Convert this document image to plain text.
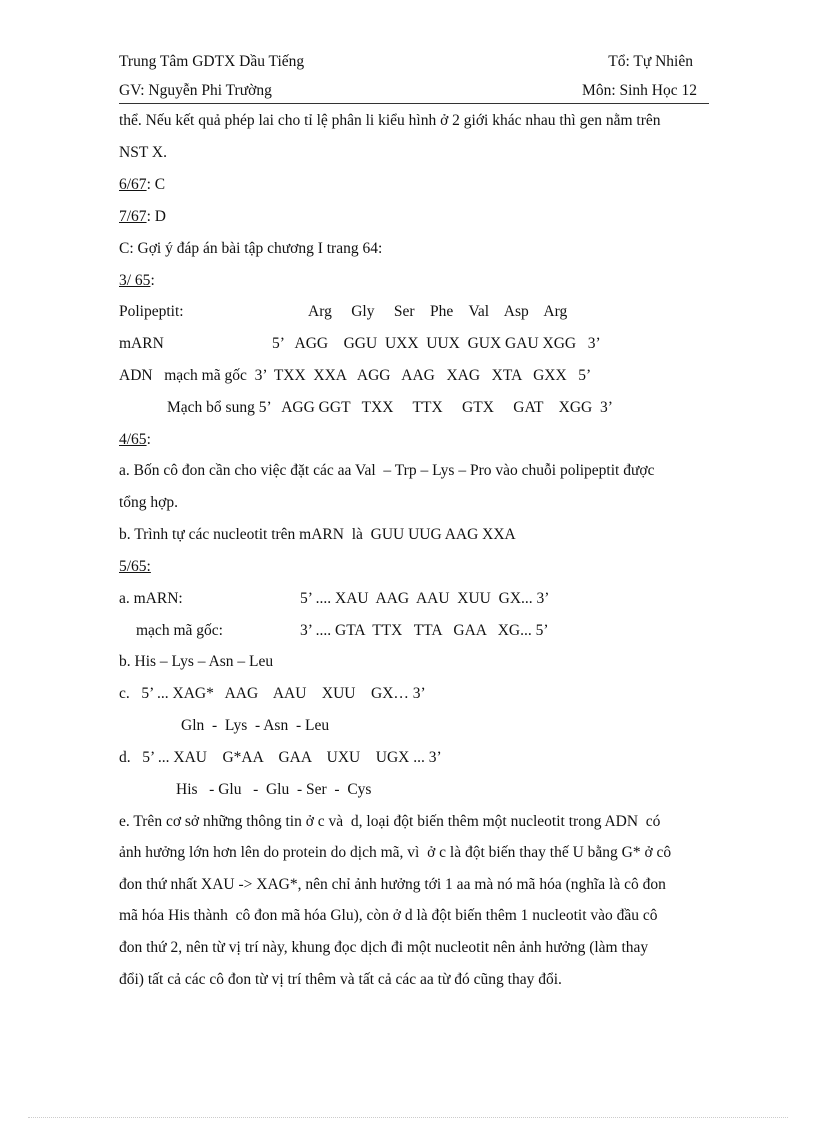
Trung Tâm GDTX Dầu Tiếng	Tổ: Tự Nhiên
GV: Nguyễn Phi Trường	Môn: Sinh Học 12
thể. Nếu kết quả phép lai cho tỉ lệ phân li kiểu hình ở 2 giới khác nhau thì gen nằm trên
NST X.
6/67: C
7/67: D
C: Gợi ý đáp án bài tập chương I trang 64:
3/ 65:
Polipeptit:	Arg     Gly     Ser    Phe    Val    Asp    Arg
mARN	5’   AGG    GGU  UXX  UUX  GUX GAU XGG   3’
ADN   mạch mã gốc  3’  TXX  XXA   AGG   AAG   XAG   XTA   GXX   5’
Mạch bổ sung 5’   AGG GGT   TXX     TTX     GTX     GAT    XGG  3’
4/65:
a. Bốn cô đon cần cho việc đặt các aa Val  – Trp – Lys – Pro vào chuỗi polipeptit được
tổng hợp.
b. Trình tự các nucleotit trên mARN  là  GUU UUG AAG XXA
5/65:
a. mARN:	5’ .... XAU  AAG  AAU  XUU  GX... 3’
mạch mã gốc:	3’ .... GTA  TTX   TTA   GAA   XG... 5’
b. His – Lys – Asn – Leu
c.   5’ ... XAG*   AAG    AAU    XUU    GX… 3’
Gln  -  Lys  - Asn  - Leu
d.   5’ ... XAU    G*AA    GAA    UXU    UGX ... 3’
His   - Glu   -  Glu  - Ser  -  Cys
e. Trên cơ sở những thông tin ở c và  d, loại đột biến thêm một nucleotit trong ADN  có
ảnh hưởng lớn hơn lên do protein do dịch mã, vì  ở c là đột biến thay thế U bằng G* ở cô
đon thứ nhất XAU -> XAG*, nên chỉ ảnh hưởng tới 1 aa mà nó mã hóa (nghĩa là cô đon
mã hóa His thành  cô đon mã hóa Glu), còn ở d là đột biến thêm 1 nucleotit vào đầu cô
đon thứ 2, nên từ vị trí này, khung đọc dịch đi một nucleotit nên ảnh hưởng (làm thay
đổi) tất cả các cô đon từ vị trí thêm và tất cả các aa từ đó cũng thay đổi.
